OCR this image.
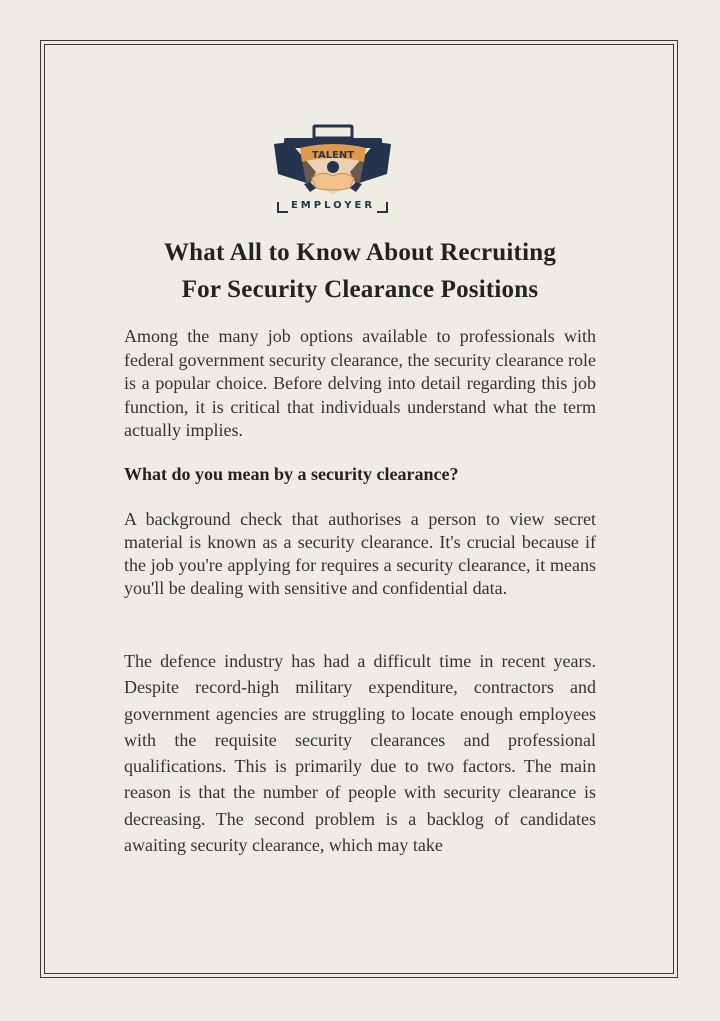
TALENT
EMPLOYER
What All to Know About Recruiting
For Security Clearance Positions
Among the many job options available to professionals with federal government security clearance, the security clearance role is a popular choice. Before delving into detail regarding this job function, it is critical that individuals understand what the term actually implies.
What do you mean by a security clearance?
A background check that authorises a person to view secret material is known as a security clearance. It's crucial because if the job you're applying for requires a security clearance, it means you'll be dealing with sensitive and confidential data.
The defence industry has had a difficult time in recent years. Despite record-high military expenditure, contractors and government agencies are struggling to locate enough employees with the requisite security clearances and professional qualifications. This is primarily due to two factors. The main reason is that the number of people with security clearance is decreasing. The second problem is a backlog of candidates awaiting security clearance, which may take
